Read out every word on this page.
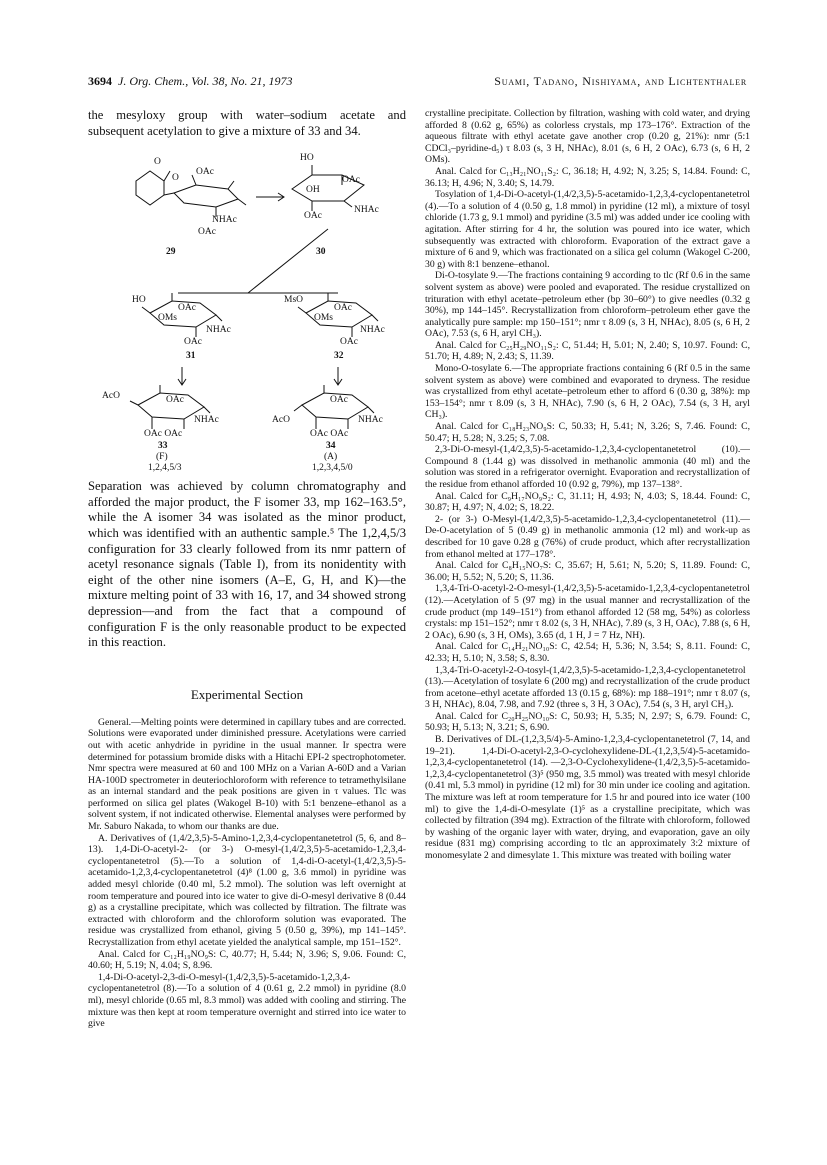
3694 J. Org. Chem., Vol. 38, No. 21, 1973	Suami, Tadano, Nishiyama, and Lichtenthaler

the mesyloxy group with water–sodium acetate and subsequent acetylation to give a mixture of 33 and 34.

O
O
OAc
NHAc
OAc
29
HO
OAc
OH
NHAc
OAc
30
HO
OAc
OMs
NHAc
OAc
31
MsO
OAc
OMs
NHAc
OAc
32
AcO	OAc
NHAc
OAc OAc
33
(F)
1,2,4,5/3
OAc
AcO	NHAc
OAc OAc
34
(A)
1,2,3,4,5/0

Separation was achieved by column chromatography and afforded the major product, the F isomer 33, mp 162–163.5°, while the A isomer 34 was isolated as the minor product, which was identified with an authentic sample.⁵ The 1,2,4,5/3 configuration for 33 clearly followed from its nmr pattern of acetyl resonance signals (Table I), from its nonidentity with eight of the other nine isomers (A–E, G, H, and K)—the mixture melting point of 33 with 16, 17, and 34 showed strong depression—and from the fact that a compound of configuration F is the only reasonable product to be expected in this reaction.

Experimental Section

General.—Melting points were determined in capillary tubes and are corrected. Solutions were evaporated under diminished pressure. Acetylations were carried out with acetic anhydride in pyridine in the usual manner. Ir spectra were determined for potassium bromide disks with a Hitachi EPI-2 spectrophotometer. Nmr spectra were measured at 60 and 100 MHz on a Varian A-60D and a Varian HA-100D spectrometer in deuteriochloroform with reference to tetramethylsilane as an internal standard and the peak positions are given in τ values. Tlc was performed on silica gel plates (Wakogel B-10) with 5:1 benzene–ethanol as a solvent system, if not indicated otherwise. Elemental analyses were performed by Mr. Saburo Nakada, to whom our thanks are due.

A. Derivatives of (1,4/2,3,5)-5-Amino-1,2,3,4-cyclopentanetetrol (5, 6, and 8–13). 1,4-Di-O-acetyl-2- (or 3-) O-mesyl-(1,4/2,3,5)-5-acetamido-1,2,3,4-cyclopentanetetrol (5).—To a solution of 1,4-di-O-acetyl-(1,4/2,3,5)-5-acetamido-1,2,3,4-cyclopentanetetrol (4)⁸ (1.00 g, 3.6 mmol) in pyridine was added mesyl chloride (0.40 ml, 5.2 mmol). The solution was left overnight at room temperature and poured into ice water to give di-O-mesyl derivative 8 (0.44 g) as a crystalline precipitate, which was collected by filtration. The filtrate was extracted with chloroform and the chloroform solution was evaporated. The residue was crystallized from ethanol, giving 5 (0.50 g, 39%), mp 141–145°. Recrystallization from ethyl acetate yielded the analytical sample, mp 151–152°.

Anal. Calcd for C₁₂H₁₉NO₉S: C, 40.77; H, 5.44; N, 3.96; S, 9.06. Found: C, 40.60; H, 5.19; N, 4.04; S, 8.96.

1,4-Di-O-acetyl-2,3-di-O-mesyl-(1,4/2,3,5)-5-acetamido-1,2,3,4-cyclopentanetetrol (8).—To a solution of 4 (0.61 g, 2.2 mmol) in pyridine (8.0 ml), mesyl chloride (0.65 ml, 8.3 mmol) was added with cooling and stirring. The mixture was then kept at room temperature overnight and stirred into ice water to give

crystalline precipitate. Collection by filtration, washing with cold water, and drying afforded 8 (0.62 g, 65%) as colorless crystals, mp 173–176°. Extraction of the aqueous filtrate with ethyl acetate gave another crop (0.20 g, 21%): nmr (5:1 CDCl₃–pyridine-d₅) τ 8.03 (s, 3 H, NHAc), 8.01 (s, 6 H, 2 OAc), 6.73 (s, 6 H, 2 OMs).

Anal. Calcd for C₁₃H₂₁NO₁₁S₂: C, 36.18; H, 4.92; N, 3.25; S, 14.84. Found: C, 36.13; H, 4.96; N, 3.40; S, 14.79.

Tosylation of 1,4-Di-O-acetyl-(1,4/2,3,5)-5-acetamido-1,2,3,4-cyclopentanetetrol (4).—To a solution of 4 (0.50 g, 1.8 mmol) in pyridine (12 ml), a mixture of tosyl chloride (1.73 g, 9.1 mmol) and pyridine (3.5 ml) was added under ice cooling with agitation. After stirring for 4 hr, the solution was poured into ice water, which subsequently was extracted with chloroform. Evaporation of the extract gave a mixture of 6 and 9, which was fractionated on a silica gel column (Wakogel C-200, 30 g) with 8:1 benzene–ethanol.

Di-O-tosylate 9.—The fractions containing 9 according to tlc (Rf 0.6 in the same solvent system as above) were pooled and evaporated. The residue crystallized on trituration with ethyl acetate–petroleum ether (bp 30–60°) to give needles (0.32 g 30%), mp 144–145°. Recrystallization from chloroform–petroleum ether gave the analytically pure sample: mp 150–151°; nmr τ 8.09 (s, 3 H, NHAc), 8.05 (s, 6 H, 2 OAc), 7.53 (s, 6 H, aryl CH₃).

Anal. Calcd for C₂₅H₂₉NO₁₁S₂: C, 51.44; H, 5.01; N, 2.40; S, 10.97. Found: C, 51.70; H, 4.89; N, 2.43; S, 11.39.

Mono-O-tosylate 6.—The appropriate fractions containing 6 (Rf 0.5 in the same solvent system as above) were combined and evaporated to dryness. The residue was crystallized from ethyl acetate–petroleum ether to afford 6 (0.30 g, 38%): mp 153–154°; nmr τ 8.09 (s, 3 H, NHAc), 7.90 (s, 6 H, 2 OAc), 7.54 (s, 3 H, aryl CH₃).

Anal. Calcd for C₁₈H₂₃NO₉S: C, 50.33; H, 5.41; N, 3.26; S, 7.46. Found: C, 50.47; H, 5.28; N, 3.25; S, 7.08.

2,3-Di-O-mesyl-(1,4/2,3,5)-5-acetamido-1,2,3,4-cyclopentanetetrol (10).—Compound 8 (1.44 g) was dissolved in methanolic ammonia (40 ml) and the solution was stored in a refrigerator overnight. Evaporation and recrystallization of the residue from ethanol afforded 10 (0.92 g, 79%), mp 137–138°.

Anal. Calcd for C₉H₁₇NO₉S₂: C, 31.11; H, 4.93; N, 4.03; S, 18.44. Found: C, 30.87; H, 4.97; N, 4.02; S, 18.22.

2- (or 3-) O-Mesyl-(1,4/2,3,5)-5-acetamido-1,2,3,4-cyclopentanetetrol (11).—De-O-acetylation of 5 (0.49 g) in methanolic ammonia (12 ml) and work-up as described for 10 gave 0.28 g (76%) of crude product, which after recrystallization from ethanol melted at 177–178°.

Anal. Calcd for C₈H₁₅NO₇S: C, 35.67; H, 5.61; N, 5.20; S, 11.89. Found: C, 36.00; H, 5.52; N, 5.20; S, 11.36.

1,3,4-Tri-O-acetyl-2-O-mesyl-(1,4/2,3,5)-5-acetamido-1,2,3,4-cyclopentanetetrol (12).—Acetylation of 5 (97 mg) in the usual manner and recrystallization of the crude product (mp 149–151°) from ethanol afforded 12 (58 mg, 54%) as colorless crystals: mp 151–152°; nmr τ 8.02 (s, 3 H, NHAc), 7.89 (s, 3 H, OAc), 7.88 (s, 6 H, 2 OAc), 6.90 (s, 3 H, OMs), 3.65 (d, 1 H, J = 7 Hz, NH).

Anal. Calcd for C₁₄H₂₁NO₁₀S: C, 42.54; H, 5.36; N, 3.54; S, 8.11. Found: C, 42.33; H, 5.10; N, 3.58; S, 8.30.

1,3,4-Tri-O-acetyl-2-O-tosyl-(1,4/2,3,5)-5-acetamido-1,2,3,4-cyclopentanetetrol (13).—Acetylation of tosylate 6 (200 mg) and recrystallization of the crude product from acetone–ethyl acetate afforded 13 (0.15 g, 68%): mp 188–191°; nmr τ 8.07 (s, 3 H, NHAc), 8.04, 7.98, and 7.92 (three s, 3 H, 3 OAc), 7.54 (s, 3 H, aryl CH₃).

Anal. Calcd for C₂₀H₂₅NO₁₀S: C, 50.93; H, 5.35; N, 2.97; S, 6.79. Found: C, 50.93; H, 5.13; N, 3.21; S, 6.90.

B. Derivatives of DL-(1,2,3,5/4)-5-Amino-1,2,3,4-cyclopentanetetrol (7, 14, and 19–21). 1,4-Di-O-acetyl-2,3-O-cyclohexylidene-DL-(1,2,3,5/4)-5-acetamido-1,2,3,4-cyclopentanetetrol (14). —2,3-O-Cyclohexylidene-(1,4/2,3,5)-5-acetamido-1,2,3,4-cyclopentanetetrol (3)⁵ (950 mg, 3.5 mmol) was treated with mesyl chloride (0.41 ml, 5.3 mmol) in pyridine (12 ml) for 30 min under ice cooling and agitation. The mixture was left at room temperature for 1.5 hr and poured into ice water (100 ml) to give the 1,4-di-O-mesylate (1)⁵ as a crystalline precipitate, which was collected by filtration (394 mg). Extraction of the filtrate with chloroform, followed by washing of the organic layer with water, drying, and evaporation, gave an oily residue (831 mg) comprising according to tlc an approximately 3:2 mixture of monomesylate 2 and dimesylate 1. This mixture was treated with boiling water
